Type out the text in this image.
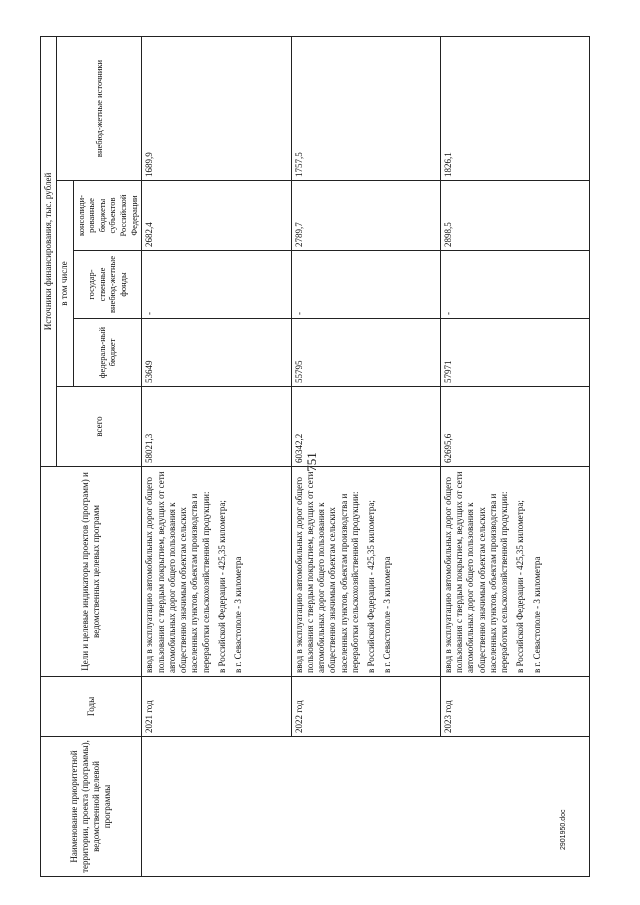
751
Наименование приоритетной территории, проекта (программы), ведомственной целевой программы	Годы	Цели и целевые индикаторы проектов (программ) и ведомственных целевых программ	Источники финансирования, тыс. рублей				
			всего	в том числе			внебюд-жетные источники
				федераль-ный бюджет	государ-ственные внебюд-жетные фонды	консолиди-рованные бюджеты субъектов Российской Федерации	
	2021 год	ввод в эксплуатацию автомобильных дорог общего пользования с твердым покрытием, ведущих от сети автомобильных дорог общего пользования к общественно значимым объектам сельских населенных пунктов, объектам производства и переработки сельскохозяйственной продукции: в Российской Федерации - 425,35 километра; в г. Севастополе - 3 километра	58021,3	53649	-	2682,4	1689,9
	2022 год	ввод в эксплуатацию автомобильных дорог общего пользования с твердым покрытием, ведущих от сети автомобильных дорог общего пользования к общественно значимым объектам сельских населенных пунктов, объектам производства и переработки сельскохозяйственной продукции: в Российской Федерации - 425,35 километра; в г. Севастополе - 3 километра	60342,2	55795	-	2789,7	1757,5
	2023 год	ввод в эксплуатацию автомобильных дорог общего пользования с твердым покрытием, ведущих от сети автомобильных дорог общего пользования к общественно значимым объектам сельских населенных пунктов, объектам производства и переработки сельскохозяйственной продукции: в Российской Федерации - 425,35 километра; в г. Севастополе - 3 километра	62695,6	57971	-	2898,5	1826,1
2901950.doc
